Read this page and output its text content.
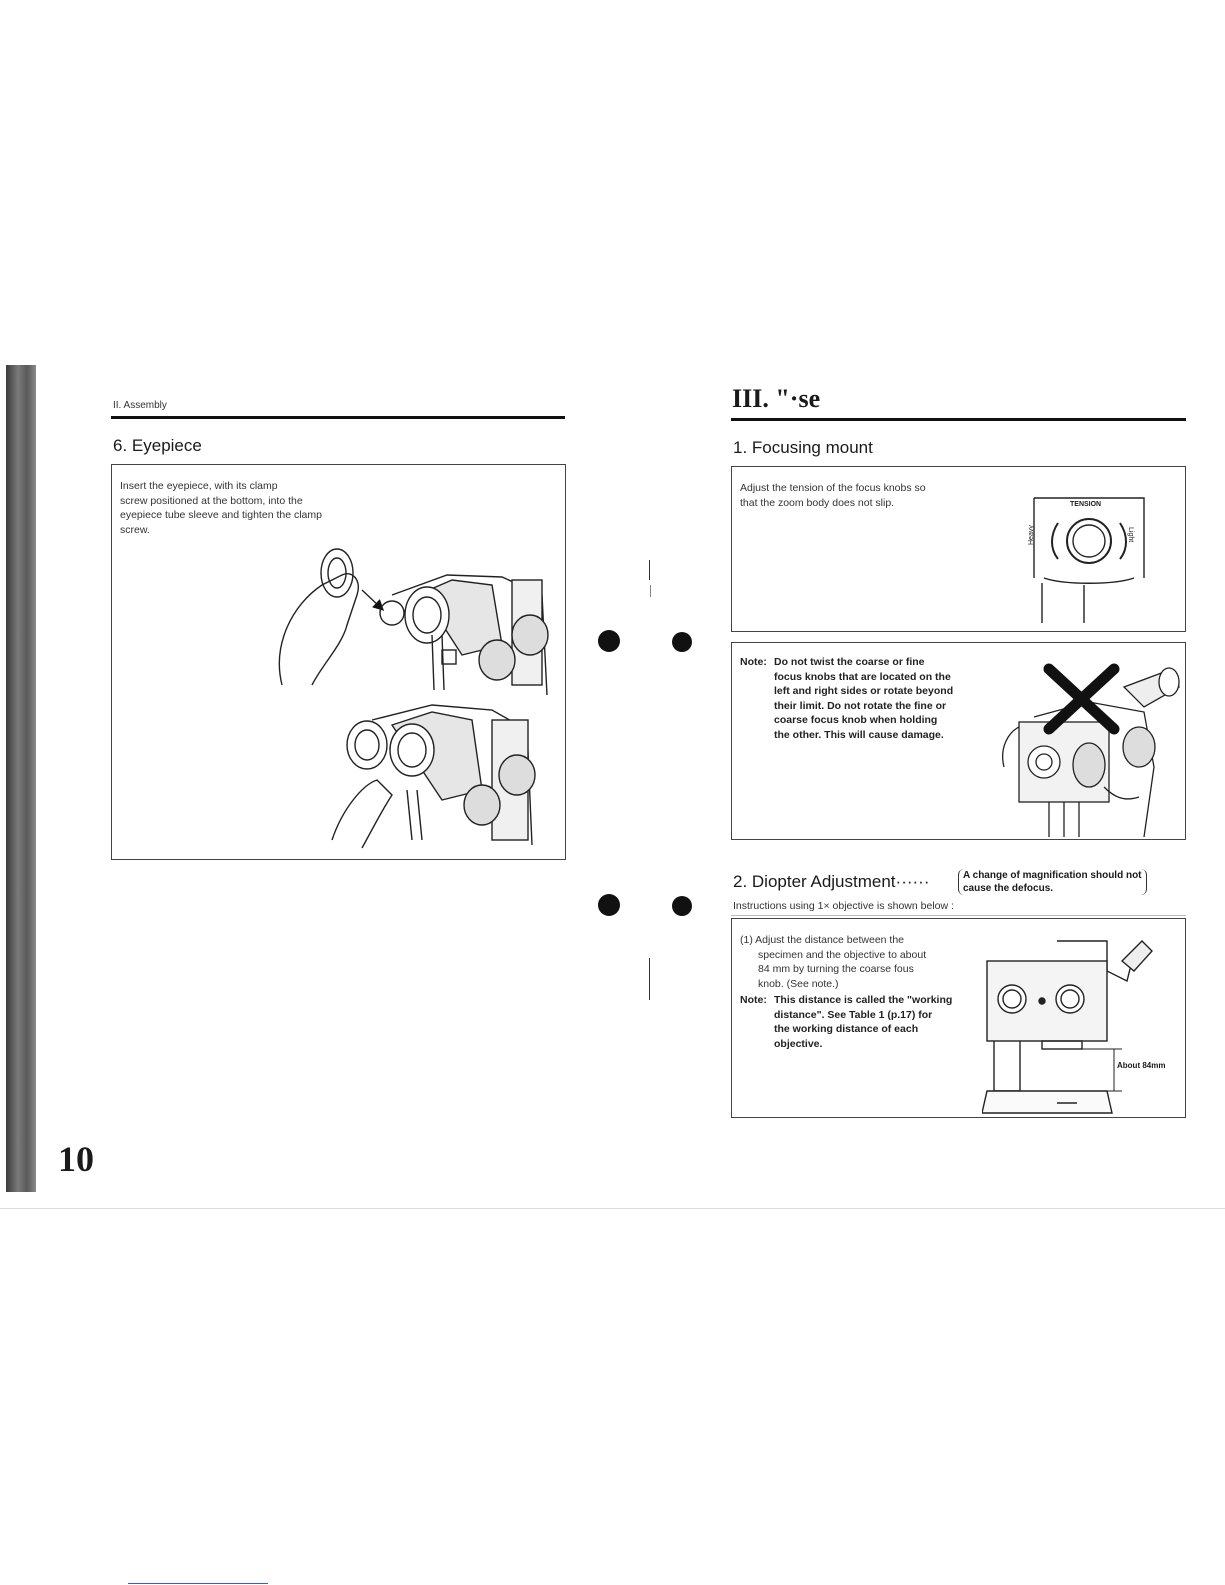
10
II. Assembly
6. Eyepiece
Insert the eyepiece, with its clamp
screw positioned at the bottom, into the
eyepiece tube sleeve and tighten the clamp
screw.
III. "·se
1. Focusing mount
Adjust the tension of the focus knobs so
that the zoom body does not slip.	TENSION
Heavy	Light
Note: Do not twist the coarse or fine
focus knobs that are located on the
left and right sides or rotate beyond
their limit. Do not rotate the fine or
coarse focus knob when holding
the other. This will cause damage.
2. Diopter Adjustment······	A change of magnification should not
cause the defocus.
Instructions using 1× objective is shown below :
(1) Adjust the distance between the
specimen and the objective to about
84 mm by turning the coarse fous
knob. (See note.)
Note: This distance is called the "working
distance". See Table 1 (p.17) for
the working distance of each
objective.
About 84mm
